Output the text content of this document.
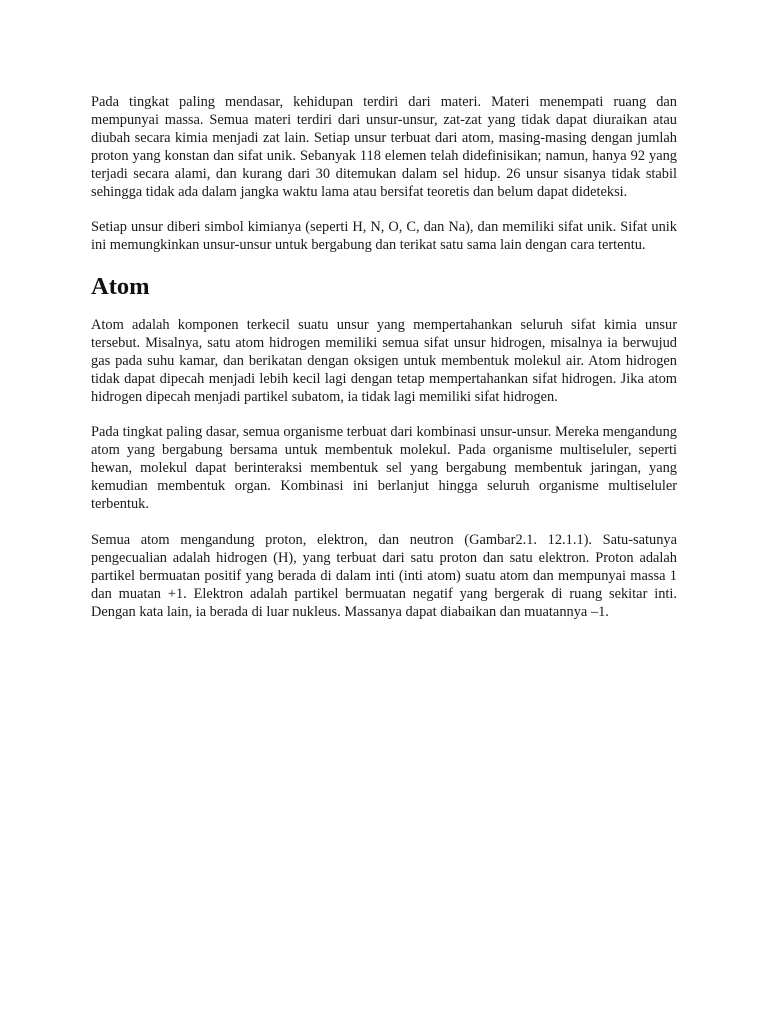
Pada tingkat paling mendasar, kehidupan terdiri dari materi. Materi menempati ruang dan mempunyai massa. Semua materi terdiri dari unsur-unsur, zat-zat yang tidak dapat diuraikan atau diubah secara kimia menjadi zat lain. Setiap unsur terbuat dari atom, masing-masing dengan jumlah proton yang konstan dan sifat unik. Sebanyak 118 elemen telah didefinisikan; namun, hanya 92 yang terjadi secara alami, dan kurang dari 30 ditemukan dalam sel hidup. 26 unsur sisanya tidak stabil sehingga tidak ada dalam jangka waktu lama atau bersifat teoretis dan belum dapat dideteksi.

Setiap unsur diberi simbol kimianya (seperti H, N, O, C, dan Na), dan memiliki sifat unik. Sifat unik ini memungkinkan unsur-unsur untuk bergabung dan terikat satu sama lain dengan cara tertentu.

Atom

Atom adalah komponen terkecil suatu unsur yang mempertahankan seluruh sifat kimia unsur tersebut. Misalnya, satu atom hidrogen memiliki semua sifat unsur hidrogen, misalnya ia berwujud gas pada suhu kamar, dan berikatan dengan oksigen untuk membentuk molekul air. Atom hidrogen tidak dapat dipecah menjadi lebih kecil lagi dengan tetap mempertahankan sifat hidrogen. Jika atom hidrogen dipecah menjadi partikel subatom, ia tidak lagi memiliki sifat hidrogen.

Pada tingkat paling dasar, semua organisme terbuat dari kombinasi unsur-unsur. Mereka mengandung atom yang bergabung bersama untuk membentuk molekul. Pada organisme multiseluler, seperti hewan, molekul dapat berinteraksi membentuk sel yang bergabung membentuk jaringan, yang kemudian membentuk organ. Kombinasi ini berlanjut hingga seluruh organisme multiseluler terbentuk.

Semua atom mengandung proton, elektron, dan neutron (Gambar2.1. 12.1.1). Satu-satunya pengecualian adalah hidrogen (H), yang terbuat dari satu proton dan satu elektron. Proton adalah partikel bermuatan positif yang berada di dalam inti (inti atom) suatu atom dan mempunyai massa 1 dan muatan +1. Elektron adalah partikel bermuatan negatif yang bergerak di ruang sekitar inti. Dengan kata lain, ia berada di luar nukleus. Massanya dapat diabaikan dan muatannya –1.
